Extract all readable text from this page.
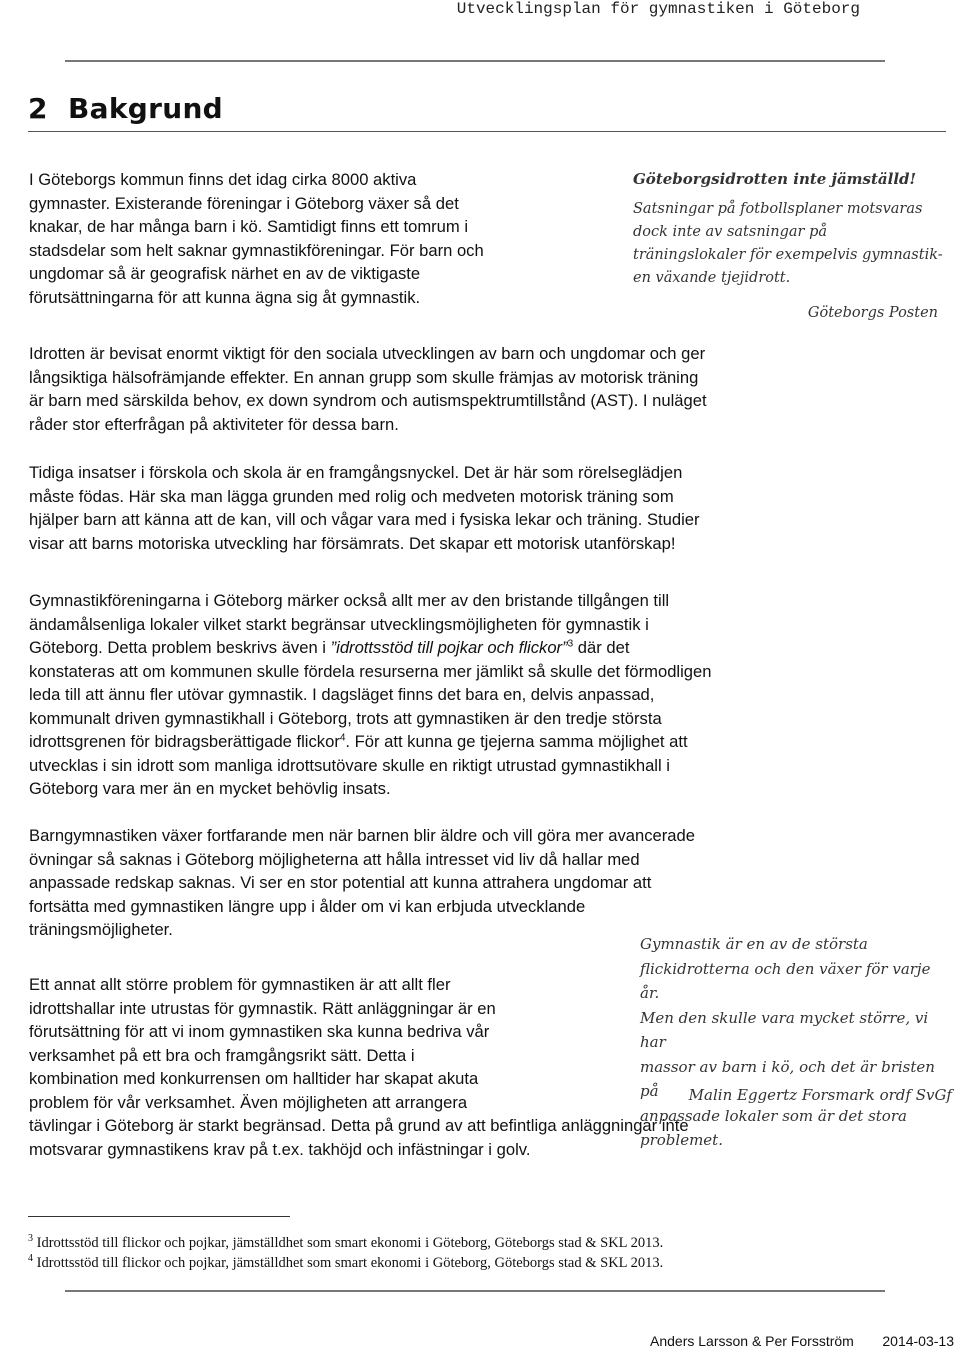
Utvecklingsplan för gymnastiken i Göteborg
2 Bakgrund

I Göteborgs kommun finns det idag cirka 8000 aktiva

gymnaster. Existerande föreningar i Göteborg växer så det

knakar, de har många barn i kö. Samtidigt finns ett tomrum i

stadsdelar som helt saknar gymnastikföreningar. För barn och

ungdomar så är geografisk närhet en av de viktigaste

förutsättningarna för att kunna ägna sig åt gymnastik.

Göteborgsidrotten inte jämställd!

Satsningar på fotbollsplaner motsvaras

dock inte av satsningar på

träningslokaler för exempelvis gymnastik-

en växande tjejidrott.

Göteborgs Posten

Idrotten är bevisat enormt viktigt för den sociala utvecklingen av barn och ungdomar och ger

långsiktiga hälsofrämjande effekter. En annan grupp som skulle främjas av motorisk träning

är barn med särskilda behov, ex down syndrom och autismspektrumtillstånd (AST). I nuläget

råder stor efterfrågan på aktiviteter för dessa barn.

Tidiga insatser i förskola och skola är en framgångsnyckel. Det är här som rörelseglädjen

måste födas. Här ska man lägga grunden med rolig och medveten motorisk träning som

hjälper barn att känna att de kan, vill och vågar vara med i fysiska lekar och träning. Studier

visar att barns motoriska utveckling har försämrats. Det skapar ett motorisk utanförskap!

Gymnastikföreningarna i Göteborg märker också allt mer av den bristande tillgången till

ändamålsenliga lokaler vilket starkt begränsar utvecklingsmöjligheten för gymnastik i

Göteborg. Detta problem beskrivs även i ”idrottsstöd till pojkar och flickor”$^3$ där det

konstateras att om kommunen skulle fördela resurserna mer jämlikt så skulle det förmodligen

leda till att ännu fler utövar gymnastik. I dagsläget finns det bara en, delvis anpassad,

kommunalt driven gymnastikhall i Göteborg, trots att gymnastiken är den tredje största

idrottsgrenen för bidragsberättigade flickor$^4$. För att kunna ge tjejerna samma möjlighet att

utvecklas i sin idrott som manliga idrottsutövare skulle en riktigt utrustad gymnastikhall i

Göteborg vara mer än en mycket behövlig insats.

Barngymnastiken växer fortfarande men när barnen blir äldre och vill göra mer avancerade

övningar så saknas i Göteborg möjligheterna att hålla intresset vid liv då hallar med

anpassade redskap saknas. Vi ser en stor potential att kunna attrahera ungdomar att

fortsätta med gymnastiken längre upp i ålder om vi kan erbjuda utvecklande

träningsmöjligheter.

Gymnastik är en av de största

flickidrotterna och den växer för varje år.

Men den skulle vara mycket större, vi har

massor av barn i kö, och det är bristen på

anpassade lokaler som är det stora

problemet.

Malin Eggertz Forsmark ordf SvGf

Ett annat allt större problem för gymnastiken är att allt fler

idrottshallar inte utrustas för gymnastik. Rätt anläggningar är en

förutsättning för att vi inom gymnastiken ska kunna bedriva vår

verksamhet på ett bra och framgångsrikt sätt. Detta i

kombination med konkurrensen om halltider har skapat akuta

problem för vår verksamhet. Även möjligheten att arrangera

tävlingar i Göteborg är starkt begränsad. Detta på grund av att befintliga anläggningar inte

motsvarar gymnastikens krav på t.ex. takhöjd och infästningar i golv.

$^3$ Idrottsstöd till flickor och pojkar, jämställdhet som smart ekonomi i Göteborg, Göteborgs stad & SKL 2013.
$^4$ Idrottsstöd till flickor och pojkar, jämställdhet som smart ekonomi i Göteborg, Göteborgs stad & SKL 2013.
Anders Larsson & Per Forsström 2014-03-13
